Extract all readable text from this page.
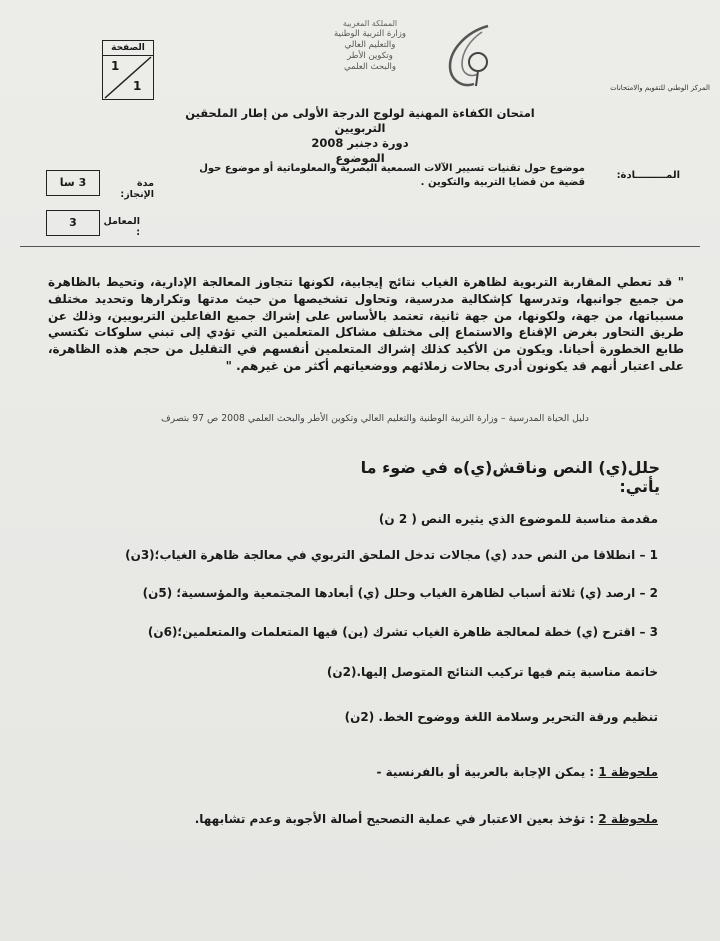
الصفحة
1
1
المملكة المغربية
وزارة التربية الوطنية
والتعليم العالي
وتكوين الأطر
والبحث العلمي
المركز الوطني للتقويم والامتحانات
امتحان الكفاءة المهنية لولوج الدرجة الأولى من إطار الملحقين التربويين
دورة دجنبر 2008
الموضوع
المـــــــــادة:
موضوع حول تقنيات تسيير الآلات السمعية البصرية والمعلوماتية أو موضوع حول قضية من قضايا التربية والتكوين .
مدة الإنجاز:
3 سا
المعامل :
3
" قد تعطي المقاربة التربوية لظاهرة الغياب نتائج إيجابية، لكونها تتجاوز المعالجة الإدارية، وتحيط بالظاهرة من جميع جوانبها، وتدرسها كإشكالية مدرسية، وتحاول تشخيصها من حيث مدتها وتكرارها وتحديد مختلف مسبباتها، من جهة، ولكونها، من جهة ثانية، تعتمد بالأساس على إشراك جميع الفاعلين التربويين، وذلك عن طريق التحاور بغرض الإقناع والاستماع إلى مختلف مشاكل المتعلمين التي تؤدي إلى تبني سلوكات تكتسي طابع الخطورة أحيانا. ويكون من الأكيد كذلك إشراك المتعلمين أنفسهم في التقليل من حجم هذه الظاهرة، على اعتبار أنهم قد يكونون أدرى بحالات زملائهم ووضعياتهم أكثر من غيرهم. "
دليل الحياة المدرسية – وزارة التربية الوطنية والتعليم العالي وتكوين الأطر والبحث العلمي 2008 ص 97 بتصرف
حلل(ي) النص وناقش(ي)ه في ضوء ما يأتي:
مقدمة مناسبة للموضوع الذي يثيره النص ( 2 ن)
1 – انطلاقا من النص حدد (ي) مجالات تدخل الملحق التربوي في معالجة ظاهرة الغياب؛(3ن)
2 – ارصد (ي) ثلاثة أسباب لظاهرة الغياب وحلل (ي) أبعادها المجتمعية والمؤسسية؛ (5ن)
3 – اقترح (ي) خطة لمعالجة ظاهرة الغياب تشرك (ين) فيها المتعلمات والمتعلمين؛(6ن)
خاتمة مناسبة يتم فيها تركيب النتائج المتوصل إليها.(2ن)
تنظيم ورقة التحرير وسلامة اللغة ووضوح الخط. (2ن)
ملحوظة 1 : يمكن الإجابة بالعربية أو بالفرنسية -
ملحوظة 2 : تؤخذ بعين الاعتبار في عملية التصحيح أصالة الأجوبة وعدم تشابهها.
